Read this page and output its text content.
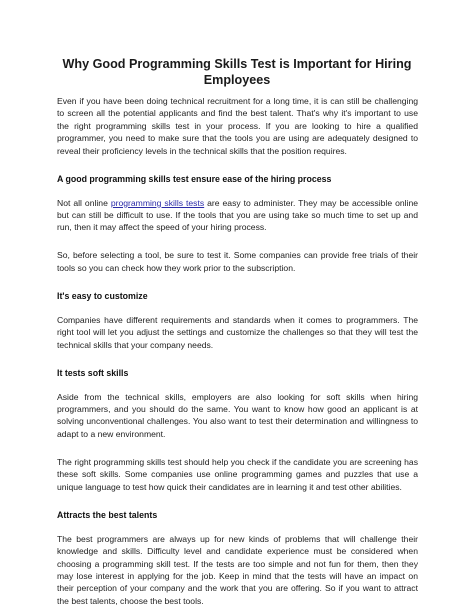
Why Good Programming Skills Test is Important for Hiring Employees

Even if you have been doing technical recruitment for a long time, it is can still be challenging to screen all the potential applicants and find the best talent. That's why it's important to use the right programming skills test in your process. If you are looking to hire a qualified programmer, you need to make sure that the tools you are using are adequately designed to reveal their proficiency levels in the technical skills that the position requires.

A good programming skills test ensure ease of the hiring process

Not all online programming skills tests are easy to administer. They may be accessible online but can still be difficult to use. If the tools that you are using take so much time to set up and run, then it may affect the speed of your hiring process.

So, before selecting a tool, be sure to test it. Some companies can provide free trials of their tools so you can check how they work prior to the subscription.

It's easy to customize

Companies have different requirements and standards when it comes to programmers. The right tool will let you adjust the settings and customize the challenges so that they will test the technical skills that your company needs.

It tests soft skills

Aside from the technical skills, employers are also looking for soft skills when hiring programmers, and you should do the same. You want to know how good an applicant is at solving unconventional challenges. You also want to test their determination and willingness to adapt to a new environment.

The right programming skills test should help you check if the candidate you are screening has these soft skills. Some companies use online programming games and puzzles that use a unique language to test how quick their candidates are in learning it and test other abilities.

Attracts the best talents

The best programmers are always up for new kinds of problems that will challenge their knowledge and skills. Difficulty level and candidate experience must be considered when choosing a programming skill test. If the tests are too simple and not fun for them, then they may lose interest in applying for the job. Keep in mind that the tests will have an impact on their perception of your company and the work that you are offering. So if you want to attract the best talents, choose the best tools.
